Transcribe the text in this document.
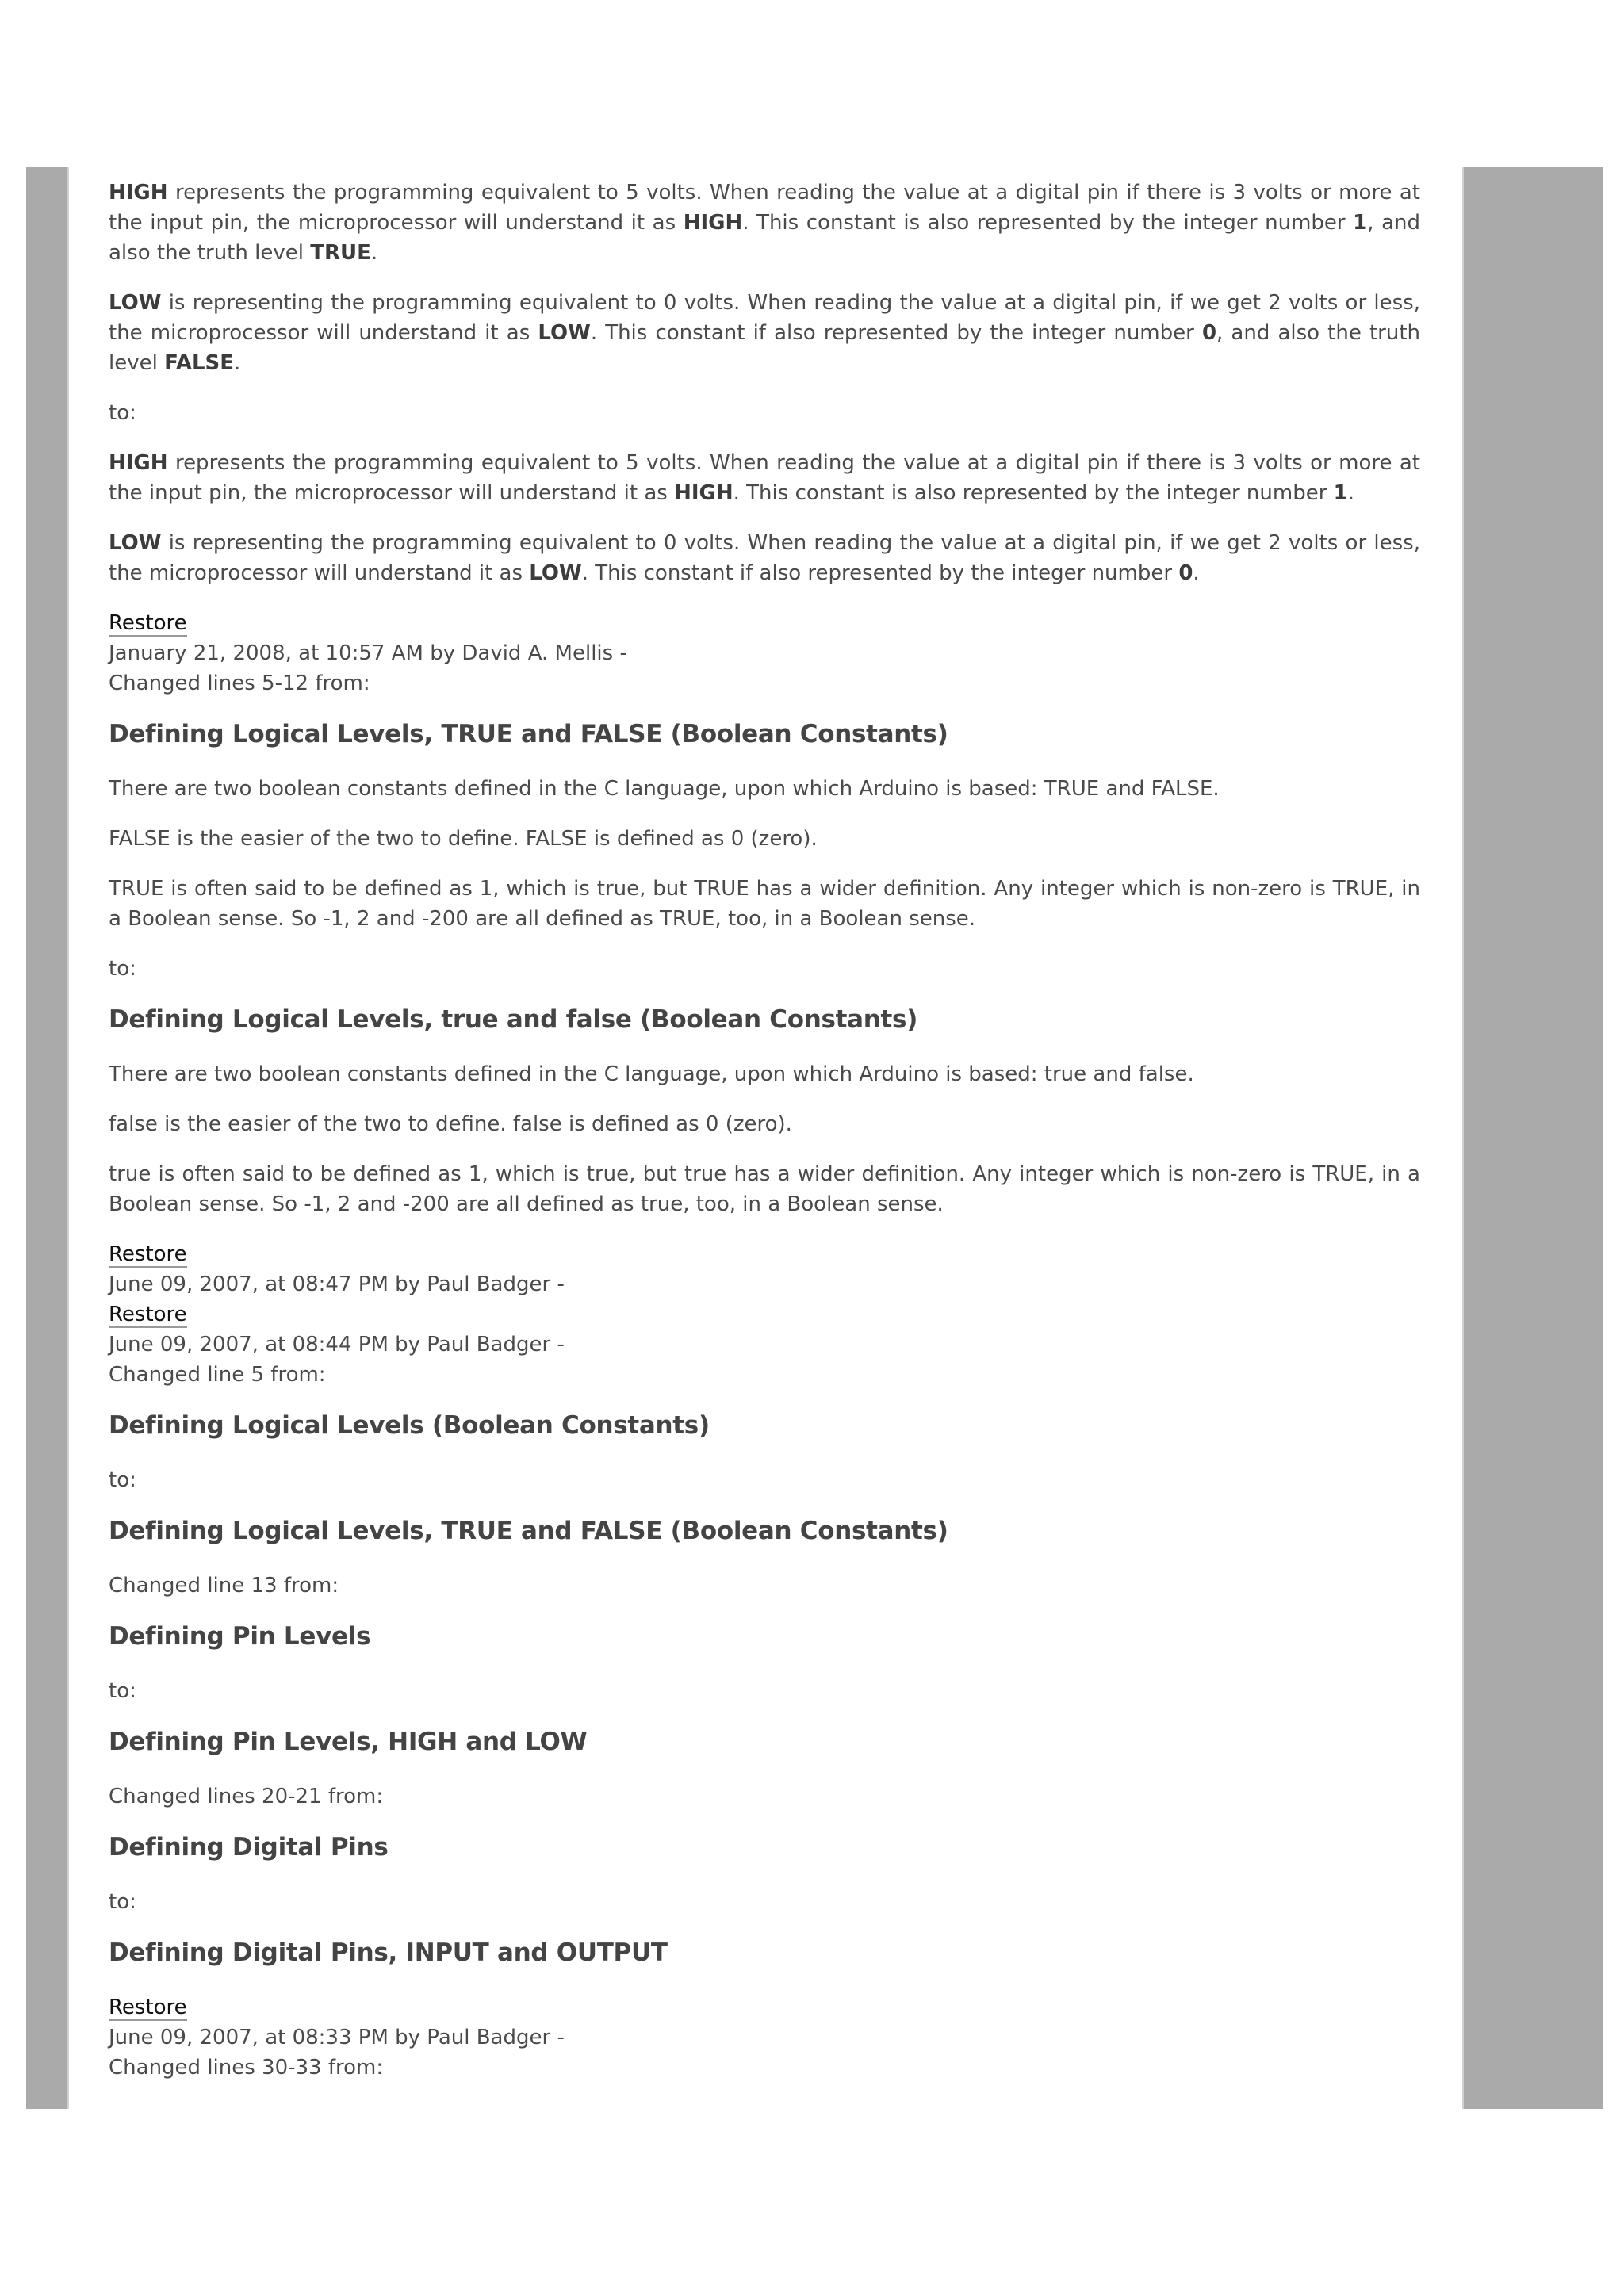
HIGH represents the programming equivalent to 5 volts. When reading the value at a digital pin if there is 3 volts or more at the input pin, the microprocessor will understand it as HIGH. This constant is also represented by the integer number 1, and also the truth level TRUE.

LOW is representing the programming equivalent to 0 volts. When reading the value at a digital pin, if we get 2 volts or less, the microprocessor will understand it as LOW. This constant if also represented by the integer number 0, and also the truth level FALSE.

to:

HIGH represents the programming equivalent to 5 volts. When reading the value at a digital pin if there is 3 volts or more at the input pin, the microprocessor will understand it as HIGH. This constant is also represented by the integer number 1.

LOW is representing the programming equivalent to 0 volts. When reading the value at a digital pin, if we get 2 volts or less, the microprocessor will understand it as LOW. This constant if also represented by the integer number 0.

Restore
January 21, 2008, at 10:57 AM by David A. Mellis -
Changed lines 5-12 from:
Defining Logical Levels, TRUE and FALSE (Boolean Constants)

There are two boolean constants defined in the C language, upon which Arduino is based: TRUE and FALSE.

FALSE is the easier of the two to define. FALSE is defined as 0 (zero).

TRUE is often said to be defined as 1, which is true, but TRUE has a wider definition. Any integer which is non-zero is TRUE, in a Boolean sense. So -1, 2 and -200 are all defined as TRUE, too, in a Boolean sense.

to:

Defining Logical Levels, true and false (Boolean Constants)

There are two boolean constants defined in the C language, upon which Arduino is based: true and false.

false is the easier of the two to define. false is defined as 0 (zero).

true is often said to be defined as 1, which is true, but true has a wider definition. Any integer which is non-zero is TRUE, in a Boolean sense. So -1, 2 and -200 are all defined as true, too, in a Boolean sense.

Restore
June 09, 2007, at 08:47 PM by Paul Badger -
Restore
June 09, 2007, at 08:44 PM by Paul Badger -
Changed line 5 from:
Defining Logical Levels (Boolean Constants)

to:

Defining Logical Levels, TRUE and FALSE (Boolean Constants)

Changed line 13 from:

Defining Pin Levels

to:

Defining Pin Levels, HIGH and LOW

Changed lines 20-21 from:

Defining Digital Pins

to:

Defining Digital Pins, INPUT and OUTPUT
Restore
June 09, 2007, at 08:33 PM by Paul Badger -
Changed lines 30-33 from:
